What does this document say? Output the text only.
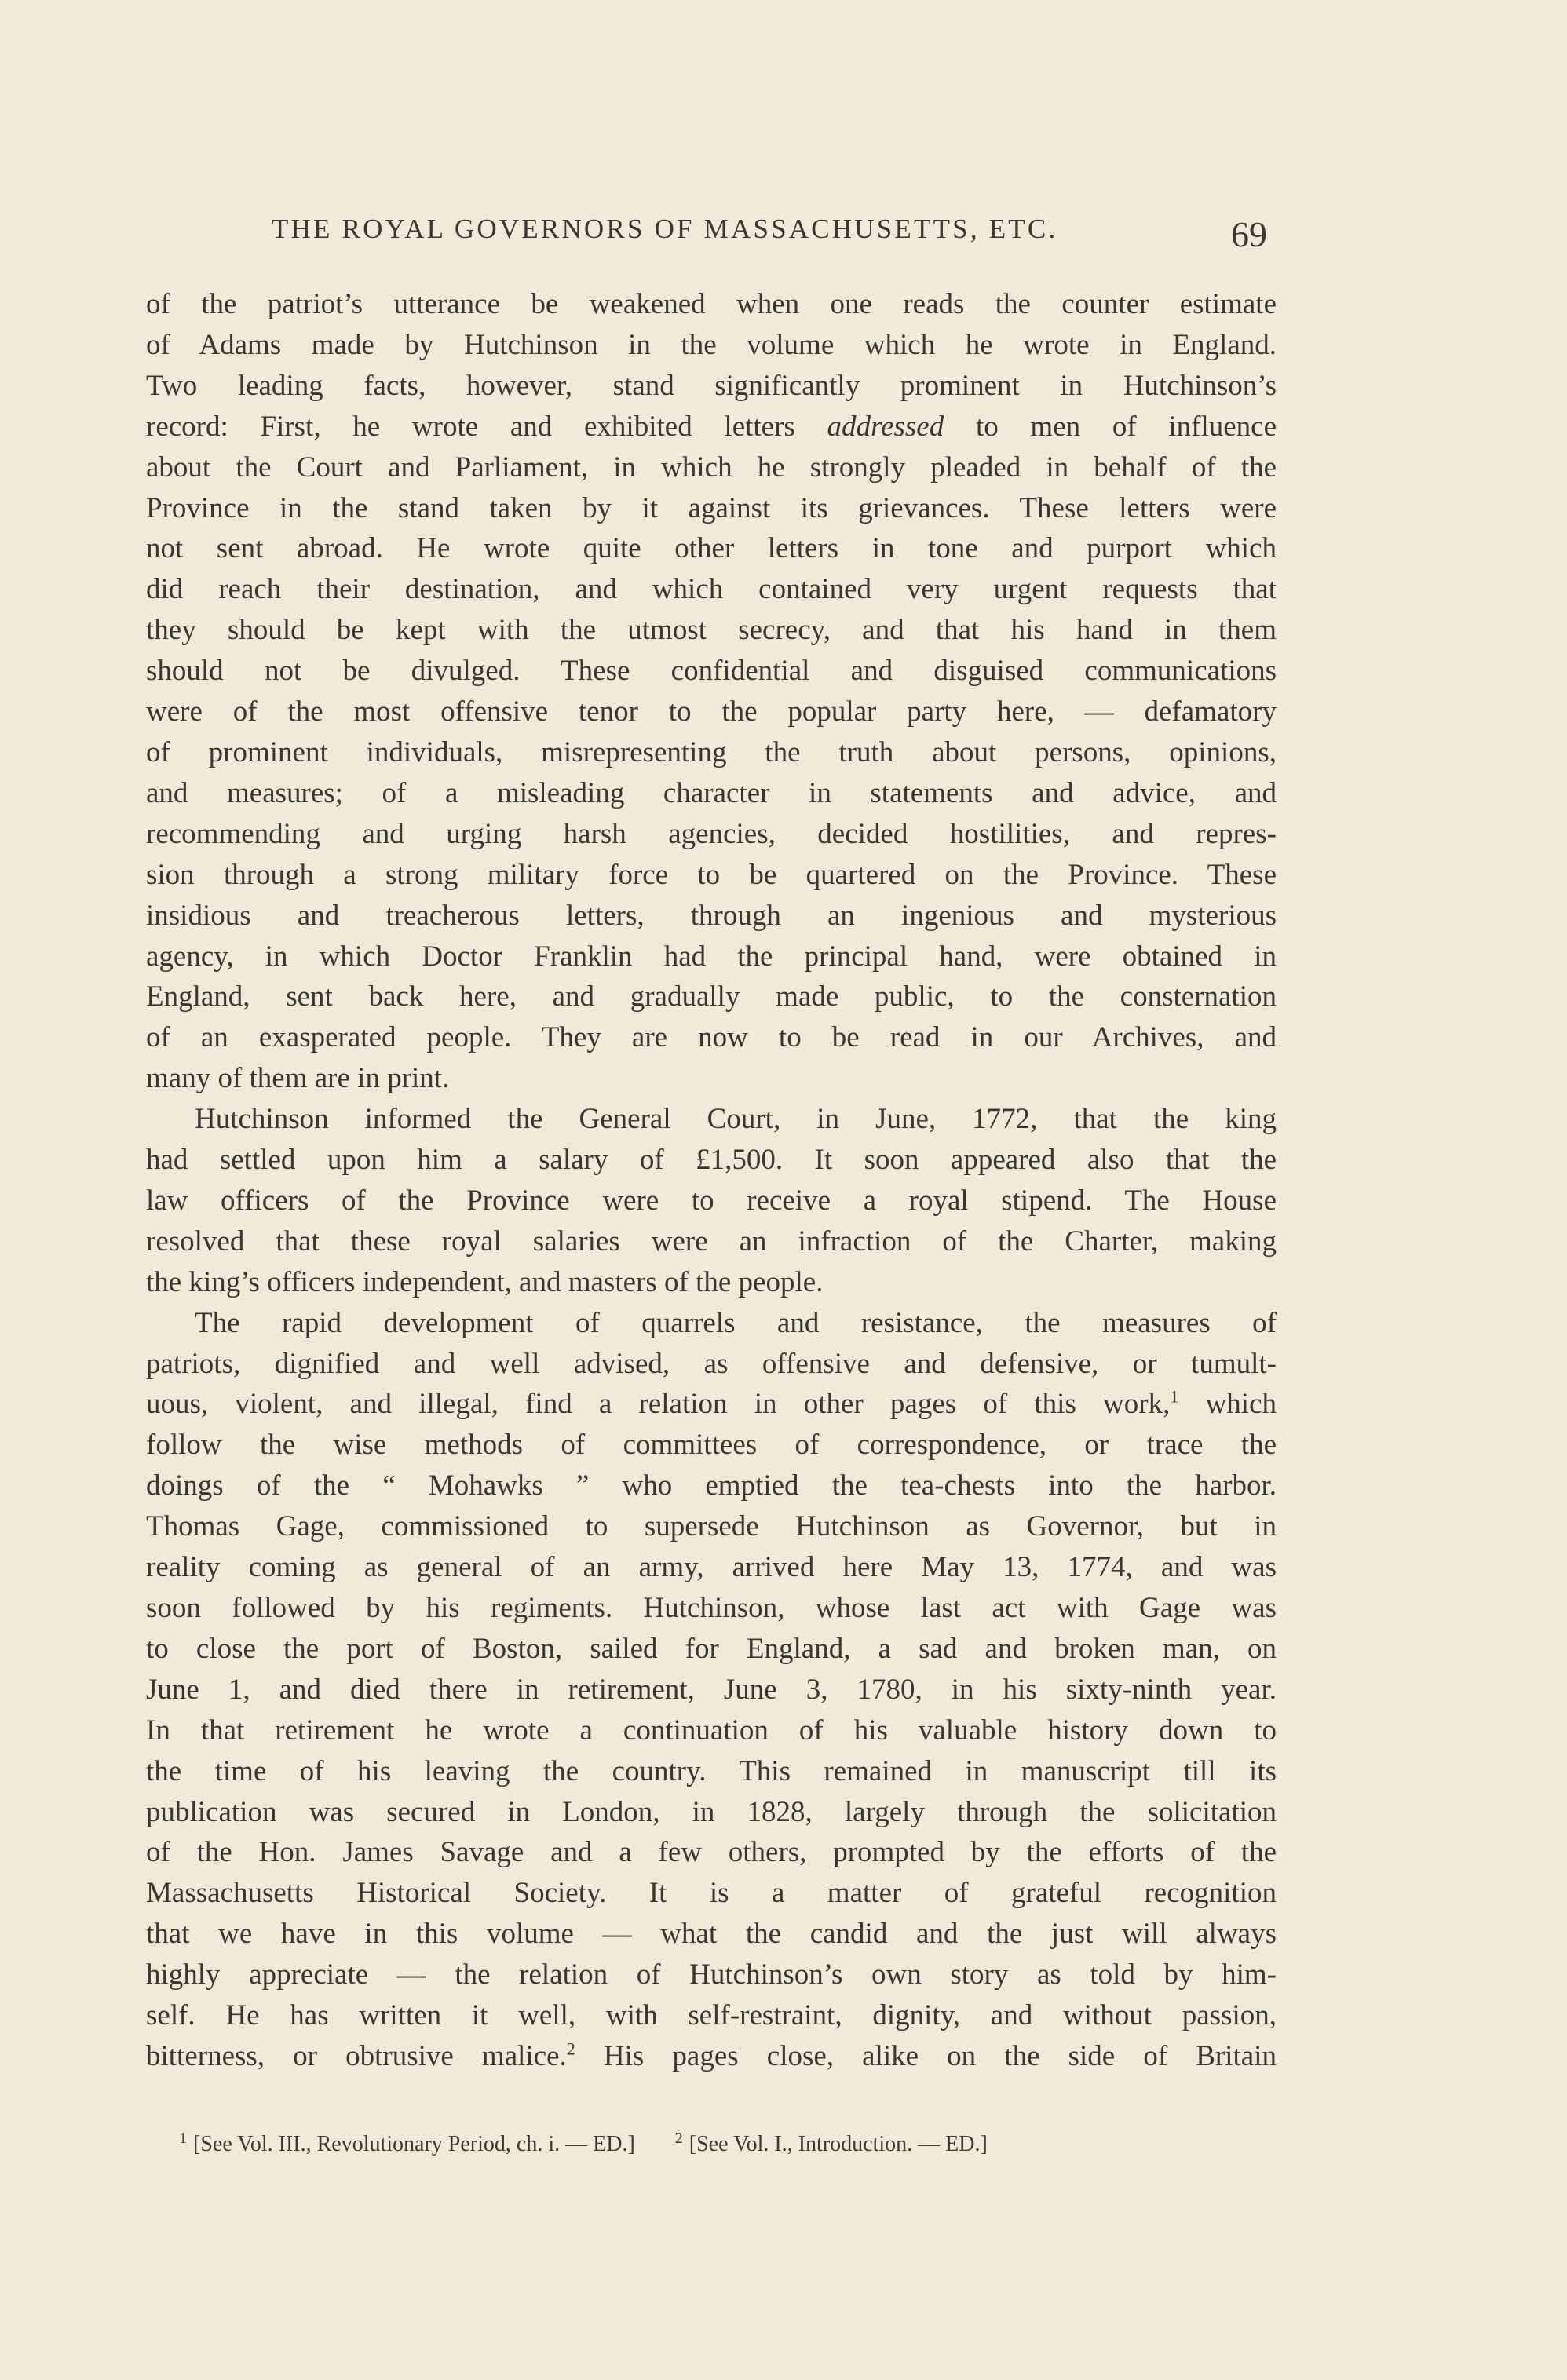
THE ROYAL GOVERNORS OF MASSACHUSETTS, ETC.	69
of the patriot’s utterance be weakened when one reads the counter estimate
of Adams made by Hutchinson in the volume which he wrote in England.
Two leading facts, however, stand significantly prominent in Hutchinson’s
record: First, he wrote and exhibited letters addressed to men of influence
about the Court and Parliament, in which he strongly pleaded in behalf of the
Province in the stand taken by it against its grievances. These letters were
not sent abroad. He wrote quite other letters in tone and purport which
did reach their destination, and which contained very urgent requests that
they should be kept with the utmost secrecy, and that his hand in them
should not be divulged. These confidential and disguised communications
were of the most offensive tenor to the popular party here, — defamatory
of prominent individuals, misrepresenting the truth about persons, opinions,
and measures; of a misleading character in statements and advice, and
recommending and urging harsh agencies, decided hostilities, and repres-
sion through a strong military force to be quartered on the Province. These
insidious and treacherous letters, through an ingenious and mysterious
agency, in which Doctor Franklin had the principal hand, were obtained in
England, sent back here, and gradually made public, to the consternation
of an exasperated people. They are now to be read in our Archives, and
many of them are in print.
Hutchinson informed the General Court, in June, 1772, that the king
had settled upon him a salary of £1,500. It soon appeared also that the
law officers of the Province were to receive a royal stipend. The House
resolved that these royal salaries were an infraction of the Charter, making
the king’s officers independent, and masters of the people.
The rapid development of quarrels and resistance, the measures of
patriots, dignified and well advised, as offensive and defensive, or tumult-
uous, violent, and illegal, find a relation in other pages of this work,$^1$ which
follow the wise methods of committees of correspondence, or trace the
doings of the “ Mohawks ” who emptied the tea-chests into the harbor.
Thomas Gage, commissioned to supersede Hutchinson as Governor, but in
reality coming as general of an army, arrived here May 13, 1774, and was
soon followed by his regiments. Hutchinson, whose last act with Gage was
to close the port of Boston, sailed for England, a sad and broken man, on
June 1, and died there in retirement, June 3, 1780, in his sixty-ninth year.
In that retirement he wrote a continuation of his valuable history down to
the time of his leaving the country. This remained in manuscript till its
publication was secured in London, in 1828, largely through the solicitation
of the Hon. James Savage and a few others, prompted by the efforts of the
Massachusetts Historical Society. It is a matter of grateful recognition
that we have in this volume — what the candid and the just will always
highly appreciate — the relation of Hutchinson’s own story as told by him-
self. He has written it well, with self-restraint, dignity, and without passion,
bitterness, or obtrusive malice.$^2$ His pages close, alike on the side of Britain
$^1$ [See Vol. III., Revolutionary Period, ch. i. — ED.]	$^2$ [See Vol. I., Introduction. — ED.]
